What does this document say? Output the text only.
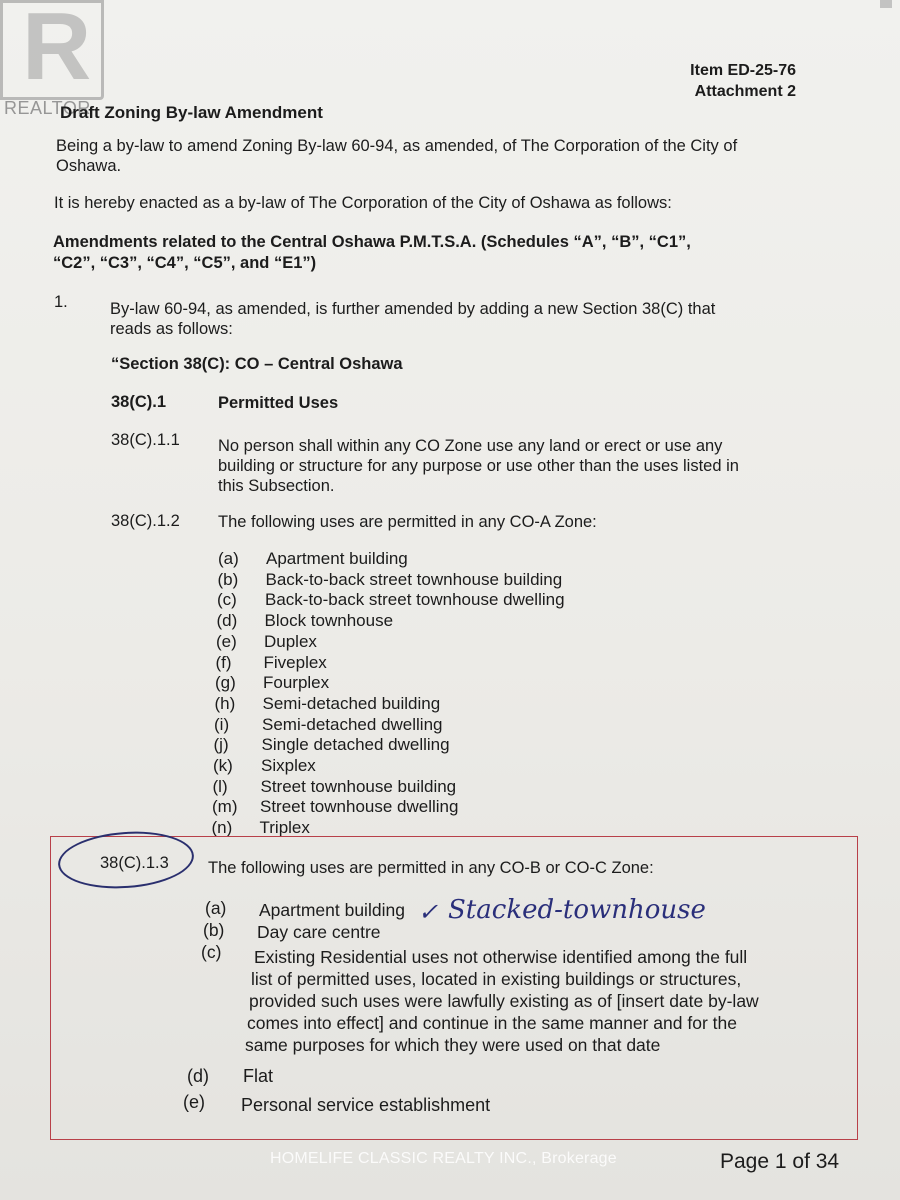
R
REALTOR
Item ED-25-76
Attachment 2
Draft Zoning By-law Amendment
Being a by-law to amend Zoning By-law 60-94, as amended, of The Corporation of the City of
Oshawa.
It is hereby enacted as a by-law of The Corporation of the City of Oshawa as follows:
Amendments related to the Central Oshawa P.M.T.S.A. (Schedules “A”, “B”, “C1”,
“C2”, “C3”, “C4”, “C5”, and “E1”)
1.	By-law 60-94, as amended, is further amended by adding a new Section 38(C) that
reads as follows:
“Section 38(C): CO – Central Oshawa
38(C).1	Permitted Uses
38(C).1.1 No person shall within any CO Zone use any land or erect or use any
building or structure for any purpose or use other than the uses listed in
this Subsection.
38(C).1.2 The following uses are permitted in any CO-A Zone:
(a) Apartment building
(b) Back-to-back street townhouse building
(c) Back-to-back street townhouse dwelling
(d) Block townhouse
(e) Duplex
(f) Fiveplex
(g) Fourplex
(h) Semi-detached building
(i) Semi-detached dwelling
(j) Single detached dwelling
(k) Sixplex
(l) Street townhouse building
(m) Street townhouse dwelling
(n) Triplex
38(C).1.3 The following uses are permitted in any CO-B or CO-C Zone:
(a) Apartment building ✓ Stacked-townhouse
(b) Day care centre
(c) Existing Residential uses not otherwise identified among the full
list of permitted uses, located in existing buildings or structures,
provided such uses were lawfully existing as of [insert date by-law
comes into effect] and continue in the same manner and for the
same purposes for which they were used on that date
(d) Flat
(e) Personal service establishment
HOMELIFE CLASSIC REALTY INC., Brokerage	Page 1 of 34
